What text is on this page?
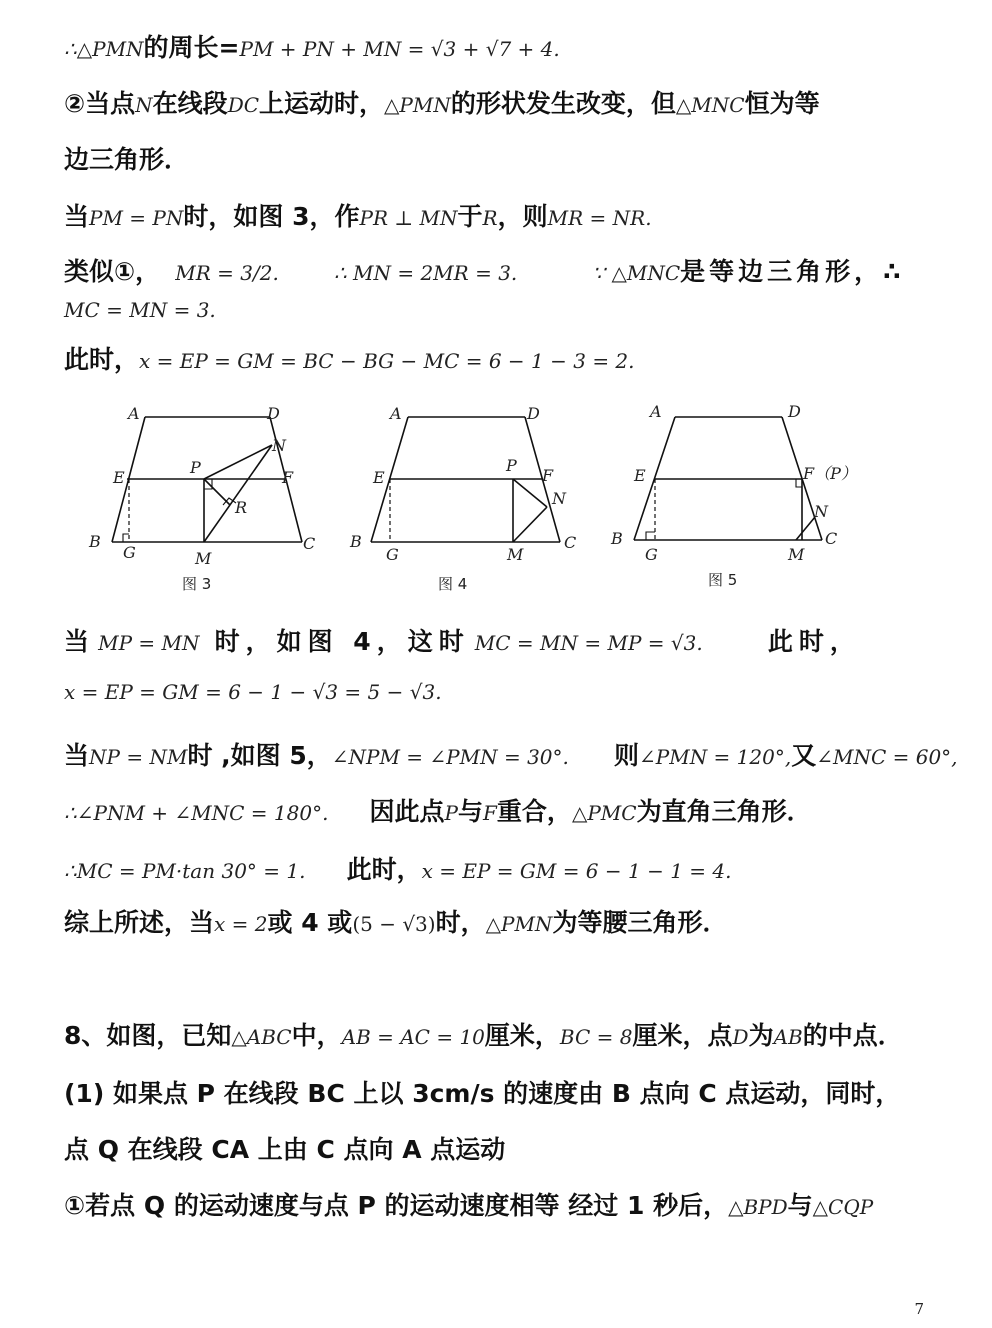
∴△PMN的周长=PM + PN + MN = √3 + √7 + 4.
②当点N在线段DC上运动时，△PMN的形状发生改变，但△MNC恒为等
边三角形．
当PM = PN时，如图 3，作PR ⊥ MN于R，则MR = NR.
类似①， MR = 3/2.	∴ MN = 2MR = 3.	∵ △MNC是等边三角形，∴
MC = MN = 3.
此时，x = EP = GM = BC − BG − MC = 6 − 1 − 3 = 2.
A	D
E	F
P
N
R
B
G	M
C
图 3
A	D
E	F
P
N
B
G	M
C
图 4
A	D
E	F（P）
N
B
G	M
C
图 5
当 MP = MN 时，如图 4，这时 MC = MN = MP = √3.	此时，
x = EP = GM = 6 − 1 − √3 = 5 − √3.
当NP = NM时 ,如图 5，∠NPM = ∠PMN = 30°. 则∠PMN = 120°,又∠MNC = 60°,
∴∠PNM + ∠MNC = 180°. 因此点P与F重合，△PMC为直角三角形．
∴MC = PM·tan 30° = 1. 此时，x = EP = GM = 6 − 1 − 1 = 4.
综上所述，当x = 2或 4 或(5 − √3)时，△PMN为等腰三角形．
8、如图，已知△ABC中，AB = AC = 10厘米，BC = 8厘米，点D为AB的中点．
(1) 如果点 P 在线段 BC 上以 3cm/s 的速度由 B 点向 C 点运动，同时，
点 Q 在线段 CA 上由 C 点向 A 点运动
①若点 Q 的运动速度与点 P 的运动速度相等 经过 1 秒后，△BPD与△CQP
7
